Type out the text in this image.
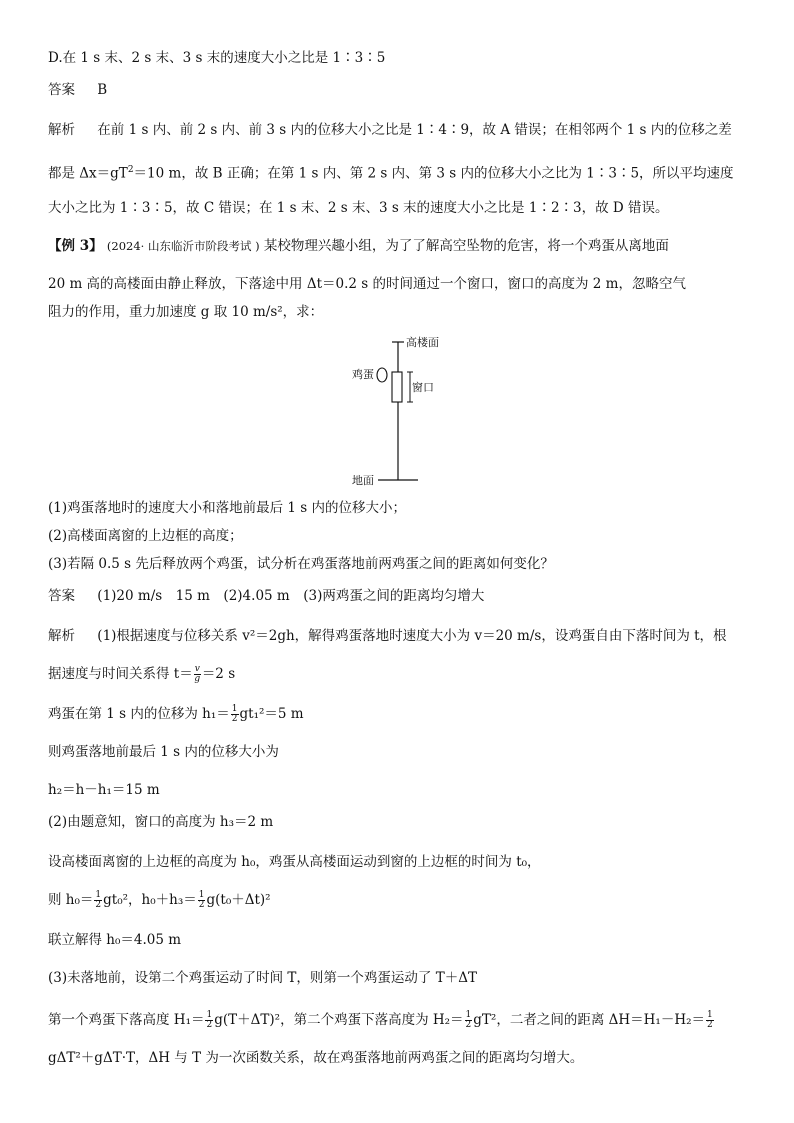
D.在 1 s 末、2 s 末、3 s 末的速度大小之比是 1∶3∶5
答案 B
解析 在前 1 s 内、前 2 s 内、前 3 s 内的位移大小之比是 1∶4∶9，故 A 错误；在相邻两个 1 s 内的位移之差
都是 $\Delta x=gT^2=10$ m，故 B 正确；在第 1 s 内、第 2 s 内、第 3 s 内的位移大小之比为 1∶3∶5，所以平均速度
大小之比为 1∶3∶5，故 C 错误；在 1 s 末、2 s 末、3 s 末的速度大小之比是 1∶2∶3，故 D 错误。
【例 3】 (2024· 山东临沂市阶段考试 ) 某校物理兴趣小组，为了了解高空坠物的危害，将一个鸡蛋从离地面
20 m 高的高楼面由静止释放，下落途中用 Δt＝0.2 s 的时间通过一个窗口，窗口的高度为 2 m，忽略空气
阻力的作用，重力加速度 g 取 10 m/s²，求：
高楼面
鸡蛋
窗口
地面
(1)鸡蛋落地时的速度大小和落地前最后 1 s 内的位移大小；
(2)高楼面离窗的上边框的高度；
(3)若隔 0.5 s 先后释放两个鸡蛋，试分析在鸡蛋落地前两鸡蛋之间的距离如何变化？
答案 (1)20 m/s　15 m　(2)4.05 m　(3)两鸡蛋之间的距离均匀增大
解析 (1)根据速度与位移关系 v²＝2gh，解得鸡蛋落地时速度大小为 v＝20 m/s，设鸡蛋自由下落时间为 t，根
据速度与时间关系得 $t= \frac{v}{g} =2$ s
鸡蛋在第 1 s 内的位移为 $h_1= \frac{1}{2} gt_1^2=5$ m
则鸡蛋落地前最后 1 s 内的位移大小为
h₂＝h－h₁＝15 m
(2)由题意知，窗口的高度为 h₃＝2 m
设高楼面离窗的上边框的高度为 h₀，鸡蛋从高楼面运动到窗的上边框的时间为 t₀，
则 $h_0= \frac{1}{2} gt_0^2$，$h_0+h_3= \frac{1}{2} g(t_0+\Delta t)^2$
联立解得 h₀＝4.05 m
(3)未落地前，设第二个鸡蛋运动了时间 T，则第一个鸡蛋运动了 T＋ΔT
第一个鸡蛋下落高度 $H_1= \frac{1}{2} g(T+\Delta T)^2$，第二个鸡蛋下落高度为 $H_2= \frac{1}{2} gT^2$，二者之间的距离 $\Delta H=H_1-H_2= \frac{1}{2}$
gΔT²＋gΔT·T，ΔH 与 T 为一次函数关系，故在鸡蛋落地前两鸡蛋之间的距离均匀增大。
